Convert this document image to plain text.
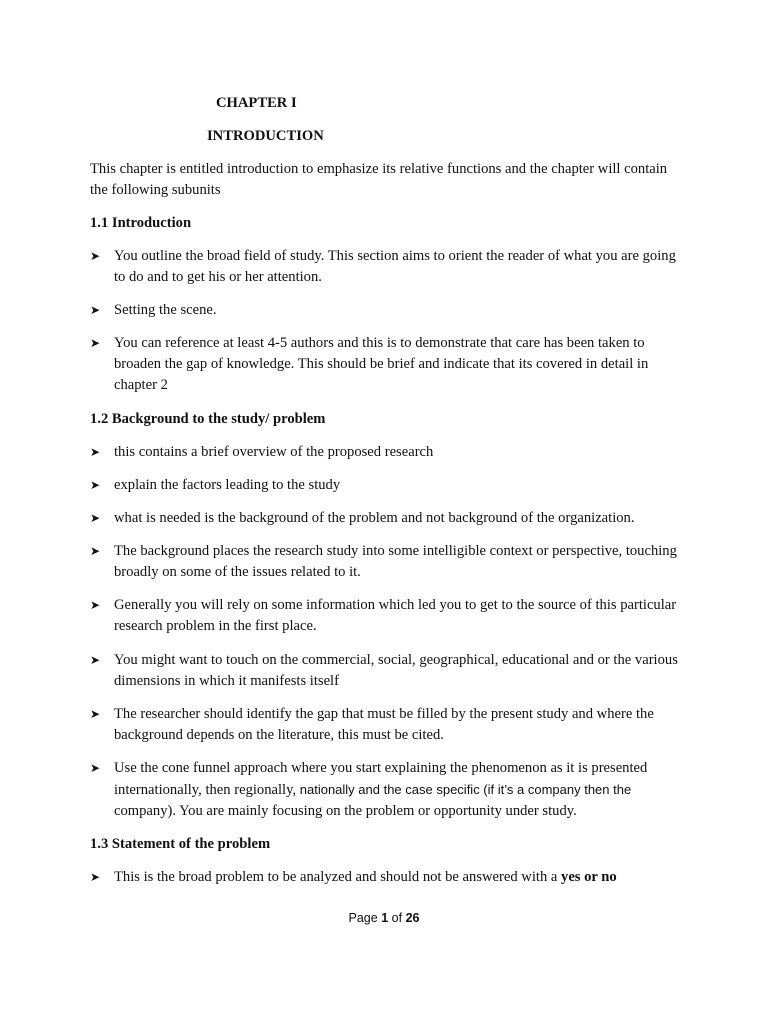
CHAPTER I

INTRODUCTION

This chapter is entitled introduction to emphasize its relative functions and the chapter will contain the following subunits

1.1 Introduction
➤ You outline the broad field of study. This section aims to orient the reader of what you are going to do and to get his or her attention.
➤ Setting the scene.
➤ You can reference at least 4-5 authors and this is to demonstrate that care has been taken to broaden the gap of knowledge. This should be brief and indicate that its covered in detail in chapter 2
1.2 Background to the study/ problem
➤ this contains a brief overview of the proposed research
➤ explain the factors leading to the study
➤ what is needed is the background of the problem and not background of the organization.
➤ The background places the research study into some intelligible context or perspective, touching broadly on some of the issues related to it.
➤ Generally you will rely on some information which led you to get to the source of this particular research problem in the first place.
➤ You might want to touch on the commercial, social, geographical, educational and or the various dimensions in which it manifests itself
➤ The researcher should identify the gap that must be filled by the present study and where the background depends on the literature, this must be cited.
➤ Use the cone funnel approach where you start explaining the phenomenon as it is presented internationally, then regionally, nationally and the case specific (if it’s a company then the company). You are mainly focusing on the problem or opportunity under study.
1.3 Statement of the problem
➤ This is the broad problem to be analyzed and should not be answered with a yes or no
Page 1 of 26
